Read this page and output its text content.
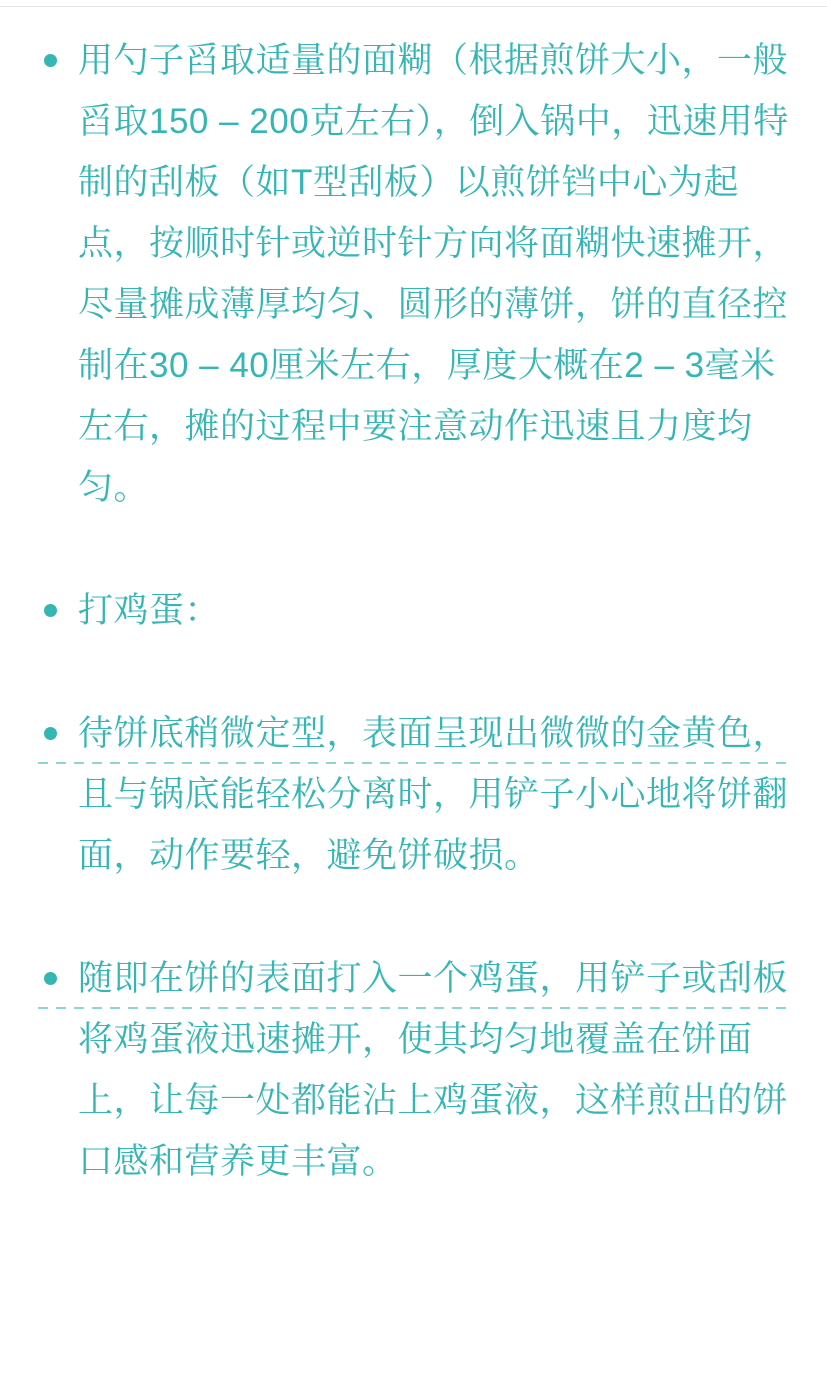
用勺子舀取适量的面糊（根据煎饼大小，一般舀取150 – 200克左右），倒入锅中，迅速用特制的刮板（如T型刮板）以煎饼铛中心为起点，按顺时针或逆时针方向将面糊快速摊开，尽量摊成薄厚均匀、圆形的薄饼，饼的直径控制在30 – 40厘米左右，厚度大概在2 – 3毫米左右，摊的过程中要注意动作迅速且力度均匀。
打鸡蛋：
待饼底稍微定型，表面呈现出微微的金黄色，且与锅底能轻松分离时，用铲子小心地将饼翻面，动作要轻，避免饼破损。
随即在饼的表面打入一个鸡蛋，用铲子或刮板将鸡蛋液迅速摊开，使其均匀地覆盖在饼面上，让每一处都能沾上鸡蛋液，这样煎出的饼口感和营养更丰富。
